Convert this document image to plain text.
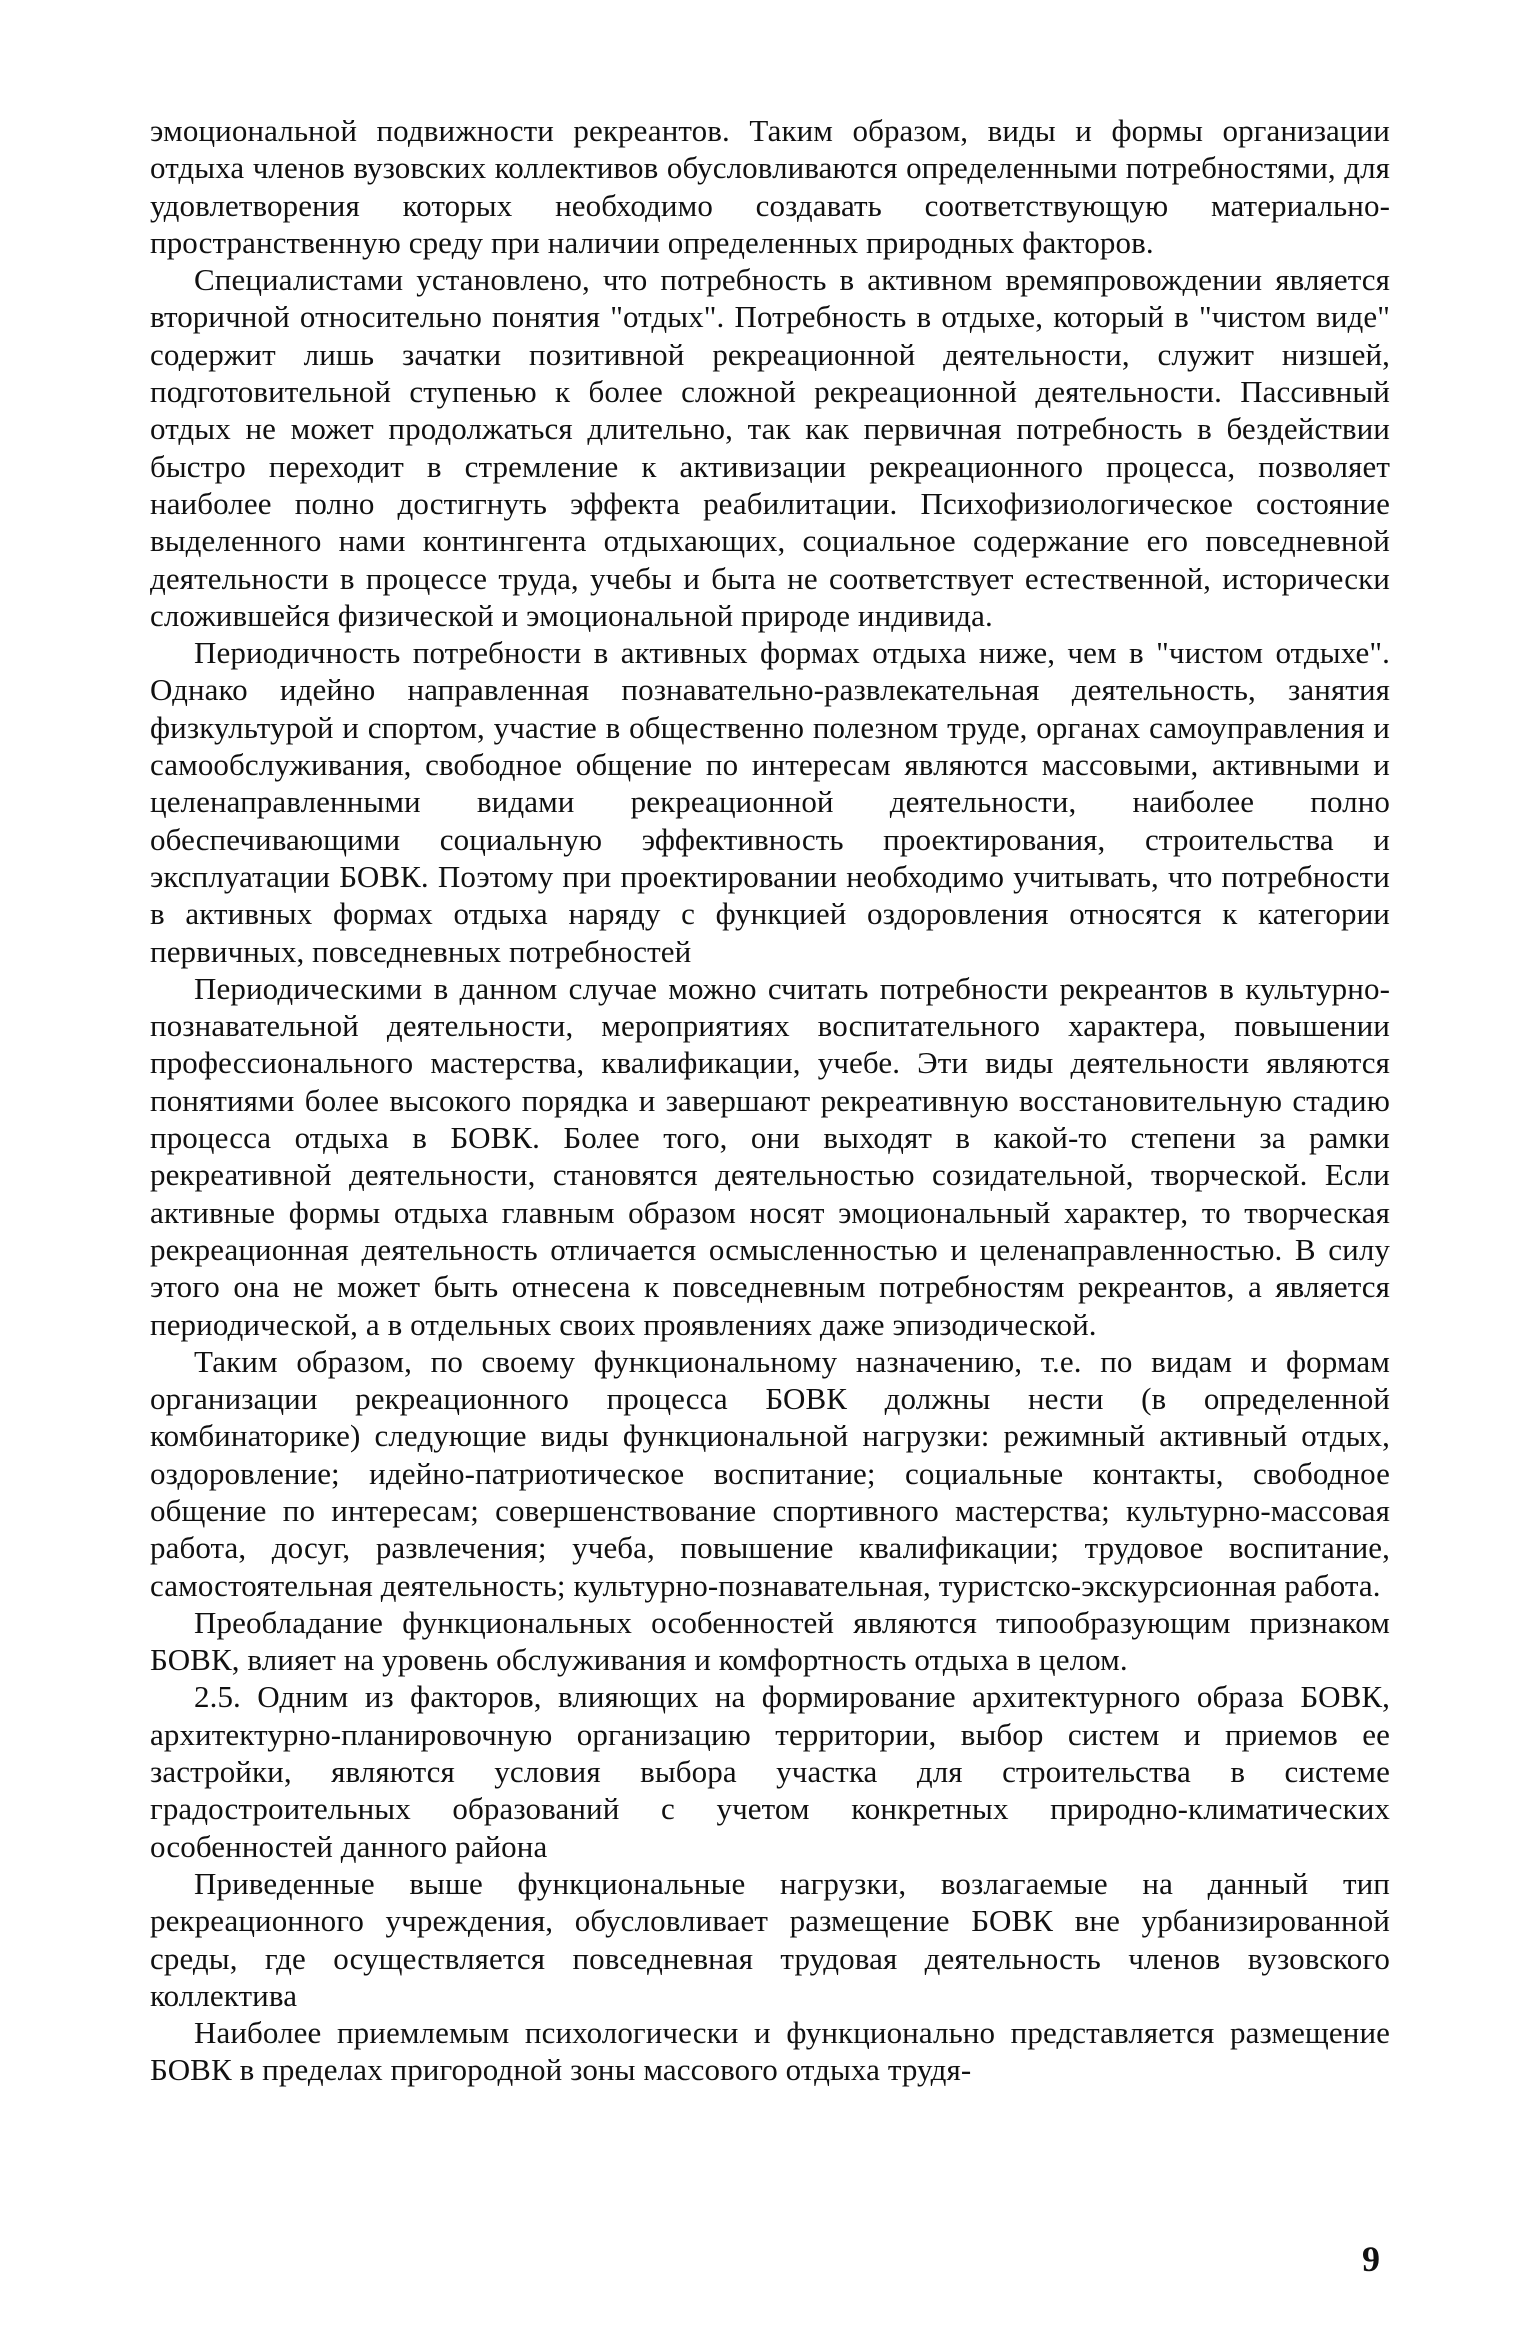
эмоциональной подвижности рекреантов. Таким образом, виды и формы организации отдыха членов вузовских коллективов обусловливаются определенными потребностями, для удовлетворения которых необходимо создавать соответствующую материально-пространственную среду при наличии определенных природных факторов.

Специалистами установлено, что потребность в активном времяпровождении является вторичной относительно понятия "отдых". Потребность в отдыхе, который в "чистом виде" содержит лишь зачатки позитивной рекреационной деятельности, служит низшей, подготовительной ступенью к более сложной рекреационной деятельности. Пассивный отдых не может продолжаться длительно, так как первичная потребность в бездействии быстро переходит в стремление к активизации рекреационного процесса, позволяет наиболее полно достигнуть эффекта реабилитации. Психофизиологическое состояние выделенного нами контингента отдыхающих, социальное содержание его повседневной деятельности в процессе труда, учебы и быта не соответствует естественной, исторически сложившейся физической и эмоциональной природе индивида.

Периодичность потребности в активных формах отдыха ниже, чем в "чистом отдыхе". Однако идейно направленная познавательно-развлекательная деятельность, занятия физкультурой и спортом, участие в общественно полезном труде, органах самоуправления и самообслуживания, свободное общение по интересам являются массовыми, активными и целенаправленными видами рекреационной деятельности, наиболее полно обеспечивающими социальную эффективность проектирования, строительства и эксплуатации БОВК. Поэтому при проектировании необходимо учитывать, что потребности в активных формах отдыха наряду с функцией оздоровления относятся к категории первичных, повседневных потребностей

Периодическими в данном случае можно считать потребности рекреантов в культурно-познавательной деятельности, мероприятиях воспитательного характера, повышении профессионального мастерства, квалификации, учебе. Эти виды деятельности являются понятиями более высокого порядка и завершают рекреативную восстановительную стадию процесса отдыха в БОВК. Более того, они выходят в какой-то степени за рамки рекреативной деятельности, становятся деятельностью созидательной, творческой. Если активные формы отдыха главным образом носят эмоциональный характер, то творческая рекреационная деятельность отличается осмысленностью и целенаправленностью. В силу этого она не может быть отнесена к повседневным потребностям рекреантов, а является периодической, а в отдельных своих проявлениях даже эпизодической.

Таким образом, по своему функциональному назначению, т.е. по видам и формам организации рекреационного процесса БОВК должны нести (в определенной комбинаторике) следующие виды функциональной нагрузки: режимный активный отдых, оздоровление; идейно-патриотическое воспитание; социальные контакты, свободное общение по интересам; совершенствование спортивного мастерства; культурно-массовая работа, досуг, развлечения; учеба, повышение квалификации; трудовое воспитание, самостоятельная деятельность; культурно-познавательная, туристско-экскурсионная работа.

Преобладание функциональных особенностей являются типообразующим признаком БОВК, влияет на уровень обслуживания и комфортность отдыха в целом.

2.5. Одним из факторов, влияющих на формирование архитектурного образа БОВК, архитектурно-планировочную организацию территории, выбор систем и приемов ее застройки, являются условия выбора участка для строительства в системе градостроительных образований с учетом конкретных природно-климатических особенностей данного района

Приведенные выше функциональные нагрузки, возлагаемые на данный тип рекреационного учреждения, обусловливает размещение БОВК вне урбанизированной среды, где осуществляется повседневная трудовая деятельность членов вузовского коллектива

Наиболее приемлемым психологически и функционально представляется размещение БОВК в пределах пригородной зоны массового отдыха трудя-

9
